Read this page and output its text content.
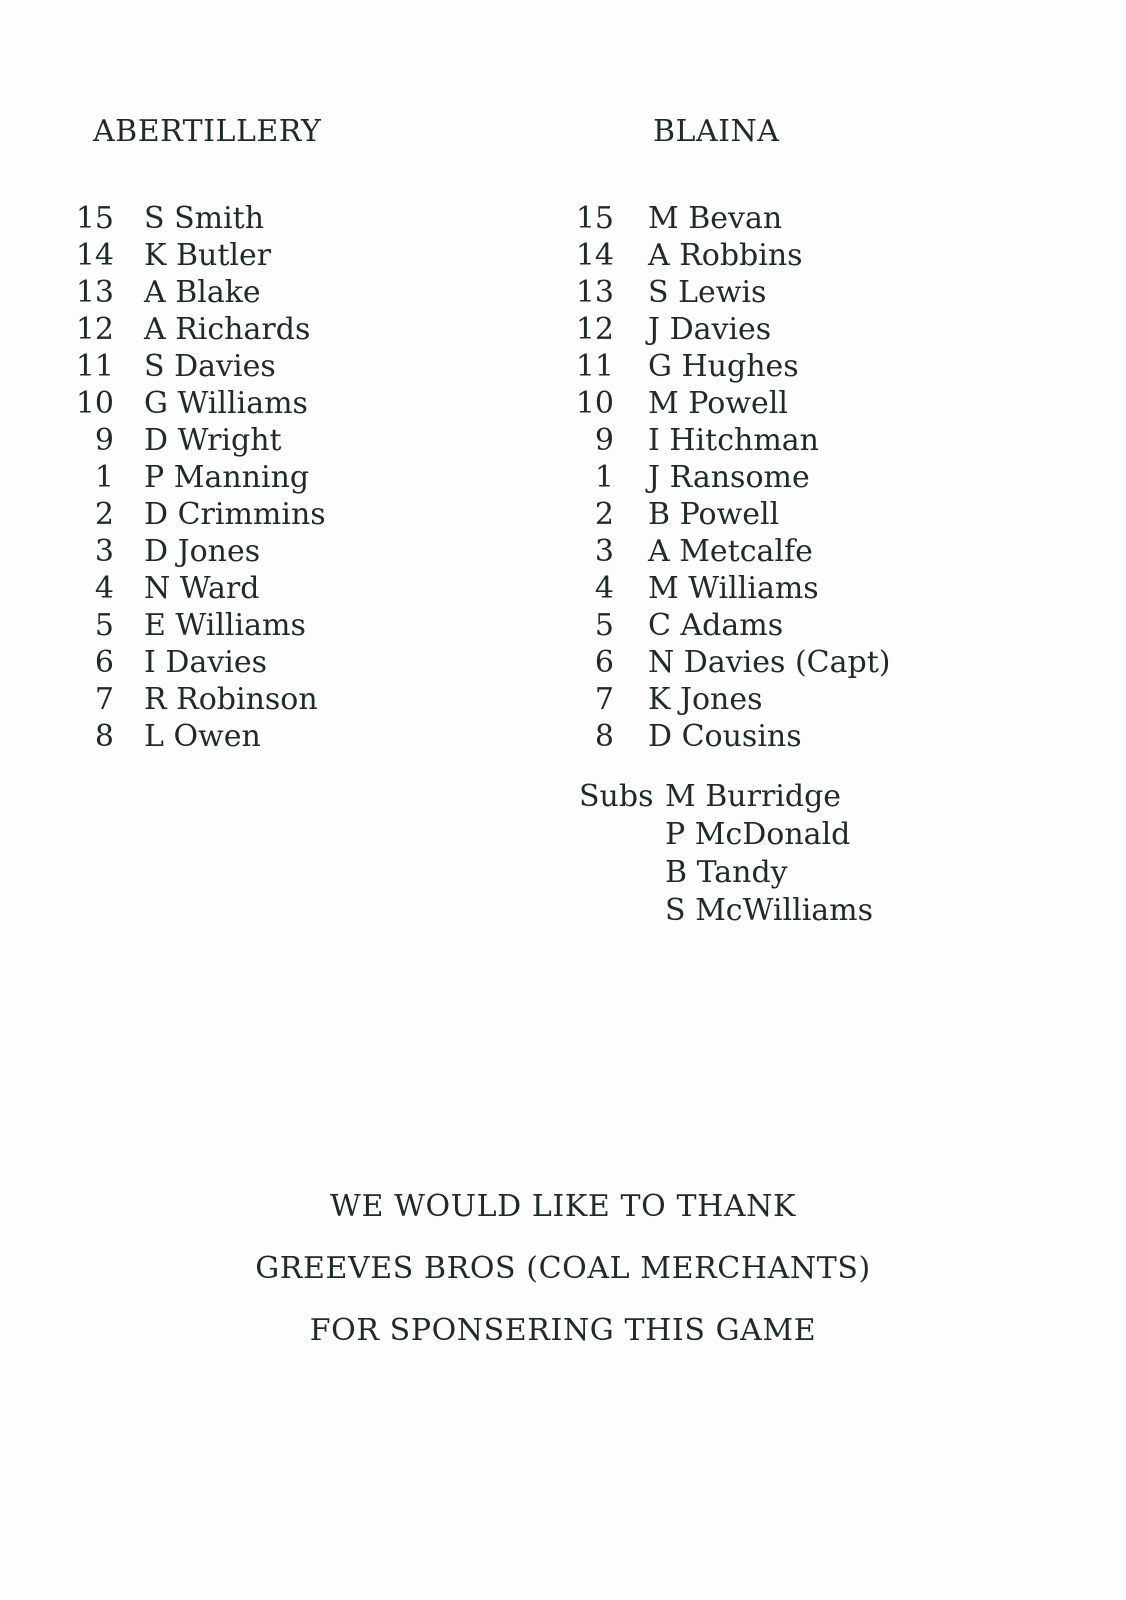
ABERTILLERY	BLAINA
15 S Smith
14 K Butler
13 A Blake
12 A Richards
11 S Davies
10 G Williams
9 D Wright
1 P Manning
2 D Crimmins
3 D Jones
4 N Ward
5 E Williams
6 I Davies
7 R Robinson
8 L Owen
15 M Bevan
14 A Robbins
13 S Lewis
12 J Davies
11 G Hughes
10 M Powell
9 I Hitchman
1 J Ransome
2 B Powell
3 A Metcalfe
4 M Williams
5 C Adams
6 N Davies (Capt)
7 K Jones
8 D Cousins
Subs M Burridge
P McDonald
B Tandy
S McWilliams

WE WOULD LIKE TO THANK

GREEVES BROS (COAL MERCHANTS)

FOR SPONSERING THIS GAME
